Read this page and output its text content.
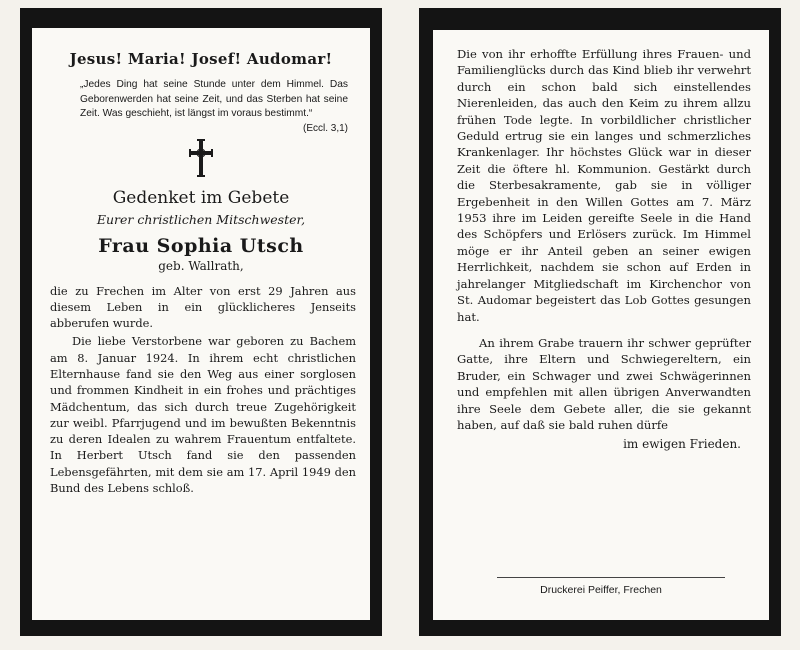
Jesus! Maria! Josef! Audomar!
„Jedes Ding hat seine Stunde unter dem Himmel. Das Geborenwerden hat seine Zeit, und das Sterben hat seine Zeit. Was geschieht, ist längst im voraus bestimmt.“
(Eccl. 3,1)
Gedenket im Gebete
Eurer christlichen Mitschwester,
Frau Sophia Utsch
geb. Wallrath,

die zu Frechen im Alter von erst 29 Jahren aus diesem Leben in ein glücklicheres Jenseits abberufen wurde.

Die liebe Verstorbene war geboren zu Bachem am 8. Januar 1924. In ihrem echt christlichen Elternhause fand sie den Weg aus einer sorglosen und frommen Kindheit in ein frohes und prächtiges Mädchentum, das sich durch treue Zugehörigkeit zur weibl. Pfarrjugend und im bewußten Bekenntnis zu deren Idealen zu wahrem Frauentum entfaltete. In Herbert Utsch fand sie den passenden Lebensgefährten, mit dem sie am 17. April 1949 den Bund des Lebens schloß.

Die von ihr erhoffte Erfüllung ihres Frauen- und Familienglücks durch das Kind blieb ihr verwehrt durch ein schon bald sich einstellendes Nierenleiden, das auch den Keim zu ihrem allzu frühen Tode legte. In vorbildlicher christlicher Geduld ertrug sie ein langes und schmerzliches Krankenlager. Ihr höchstes Glück war in dieser Zeit die öftere hl. Kommunion. Gestärkt durch die Sterbesakramente, gab sie in völliger Ergebenheit in den Willen Gottes am 7. März 1953 ihre im Leiden gereifte Seele in die Hand des Schöpfers und Erlösers zurück. Im Himmel möge er ihr Anteil geben an seiner ewigen Herrlichkeit, nachdem sie schon auf Erden in jahrelanger Mitgliedschaft im Kirchenchor von St. Audomar begeistert das Lob Gottes gesungen hat.

An ihrem Grabe trauern ihr schwer geprüfter Gatte, ihre Eltern und Schwiegereltern, ein Bruder, ein Schwager und zwei Schwägerinnen und empfehlen mit allen übrigen Anverwandten ihre Seele dem Gebete aller, die sie gekannt haben, auf daß sie bald ruhen dürfe

im ewigen Frieden.
Druckerei Peiffer, Frechen
